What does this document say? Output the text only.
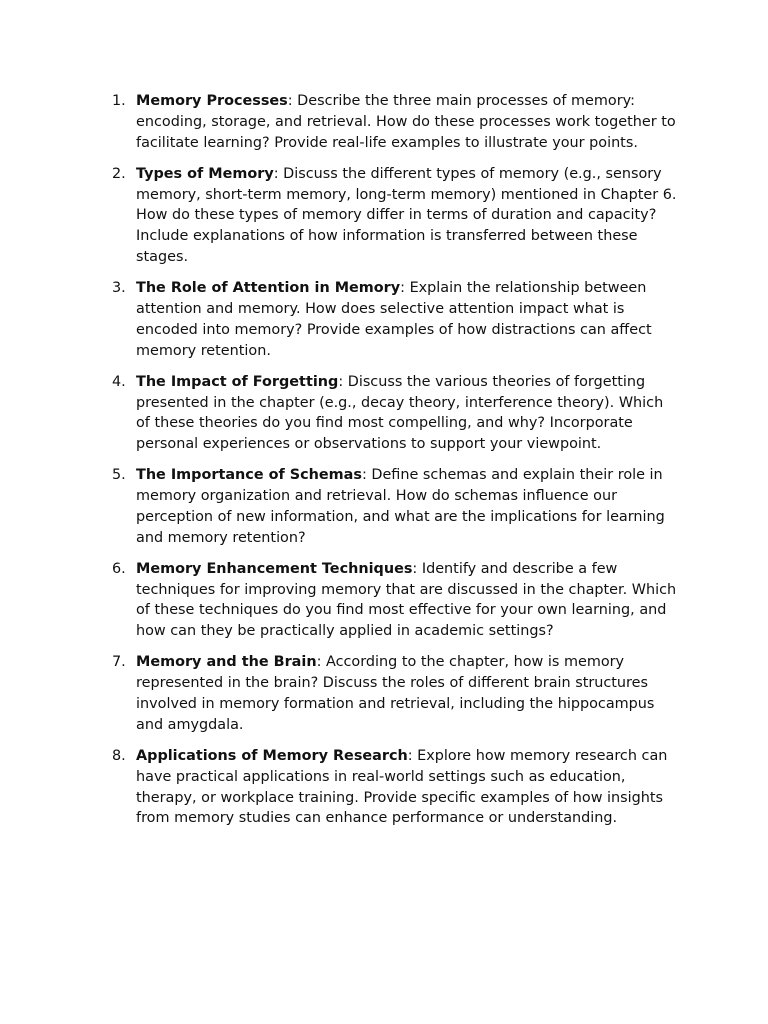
1. Memory Processes: Describe the three main processes of memory: encoding, storage, and retrieval. How do these processes work together to facilitate learning? Provide real-life examples to illustrate your points.
2. Types of Memory: Discuss the different types of memory (e.g., sensory memory, short-term memory, long-term memory) mentioned in Chapter 6. How do these types of memory differ in terms of duration and capacity? Include explanations of how information is transferred between these stages.
3. The Role of Attention in Memory: Explain the relationship between attention and memory. How does selective attention impact what is encoded into memory? Provide examples of how distractions can affect memory retention.
4. The Impact of Forgetting: Discuss the various theories of forgetting presented in the chapter (e.g., decay theory, interference theory). Which of these theories do you find most compelling, and why? Incorporate personal experiences or observations to support your viewpoint.
5. The Importance of Schemas: Define schemas and explain their role in memory organization and retrieval. How do schemas influence our perception of new information, and what are the implications for learning and memory retention?
6. Memory Enhancement Techniques: Identify and describe a few techniques for improving memory that are discussed in the chapter. Which of these techniques do you find most effective for your own learning, and how can they be practically applied in academic settings?
7. Memory and the Brain: According to the chapter, how is memory represented in the brain? Discuss the roles of different brain structures involved in memory formation and retrieval, including the hippocampus and amygdala.
8. Applications of Memory Research: Explore how memory research can have practical applications in real-world settings such as education, therapy, or workplace training. Provide specific examples of how insights from memory studies can enhance performance or understanding.
